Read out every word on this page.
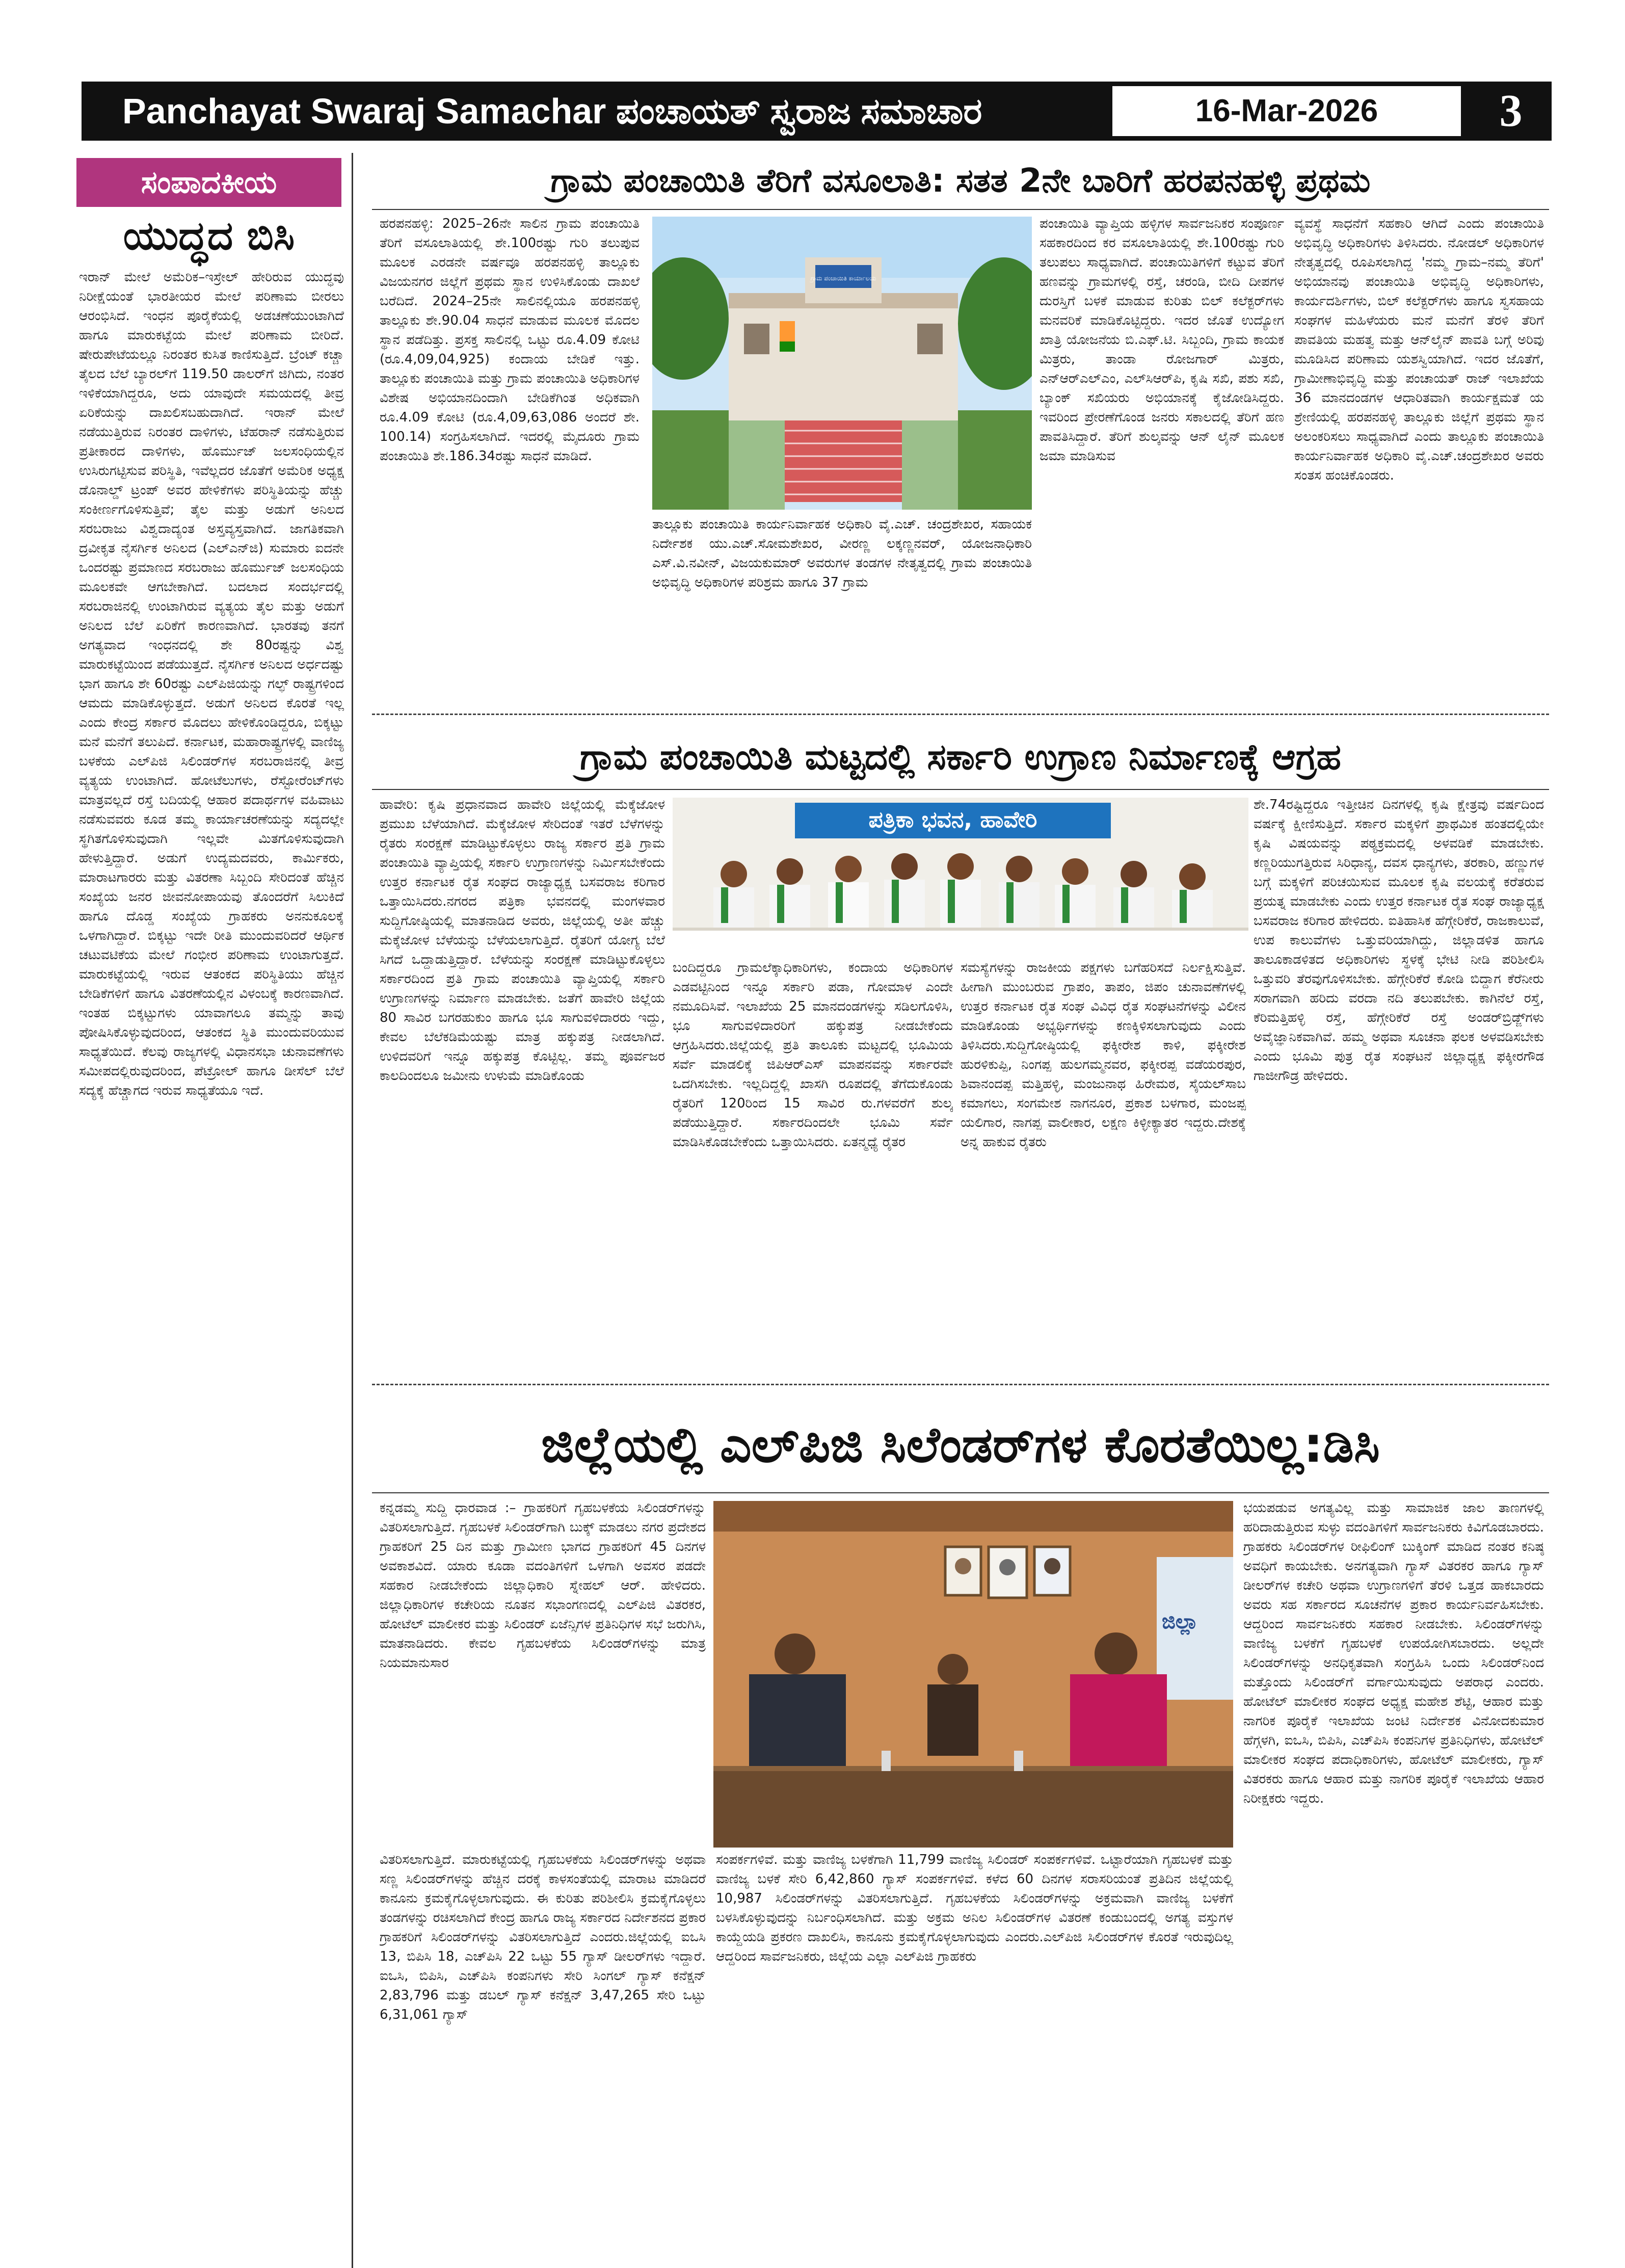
Panchayat Swaraj Samachar ಪಂಚಾಯತ್ ಸ್ವರಾಜ ಸಮಾಚಾರ	16-Mar-2026	3
ಸಂಪಾದಕೀಯ
ಯುದ್ಧದ ಬಿಸಿ
ಇರಾನ್ ಮೇಲೆ ಅಮೆರಿಕ–ಇಸ್ರೇಲ್ ಹೇರಿರುವ ಯುದ್ಧವು ನಿರೀಕ್ಷೆಯಂತೆ ಭಾರತೀಯರ ಮೇಲೆ ಪರಿಣಾಮ ಬೀರಲು ಆರಂಭಿಸಿದೆ. ಇಂಧನ ಪೂರೈಕೆಯಲ್ಲಿ ಅಡಚಣೆಯುಂಟಾಗಿದೆ ಹಾಗೂ ಮಾರುಕಟ್ಟೆಯ ಮೇಲೆ ಪರಿಣಾಮ ಬೀರಿದೆ. ಷೇರುಪೇಟೆಯಲ್ಲೂ ನಿರಂತರ ಕುಸಿತ ಕಾಣಿಸುತ್ತಿದೆ. ಬ್ರೆಂಟ್ ಕಚ್ಚಾ ತೈಲದ ಬೆಲೆ ಬ್ಯಾರಲ್‌ಗೆ 119.50 ಡಾಲರ್‌ಗೆ ಜಿಗಿದು, ನಂತರ ಇಳಿಕೆಯಾಗಿದ್ದರೂ, ಅದು ಯಾವುದೇ ಸಮಯದಲ್ಲಿ ತೀವ್ರ ಏರಿಕೆಯನ್ನು ದಾಖಲಿಸಬಹುದಾಗಿದೆ. ಇರಾನ್ ಮೇಲೆ ನಡೆಯುತ್ತಿರುವ ನಿರಂತರ ದಾಳಿಗಳು, ಟೆಹರಾನ್ ನಡೆಸುತ್ತಿರುವ ಪ್ರತೀಕಾರದ ದಾಳಿಗಳು, ಹೊರ್ಮುಜ್ ಜಲಸಂಧಿಯಲ್ಲಿನ ಉಸಿರುಗಟ್ಟಿಸುವ ಪರಿಸ್ಥಿತಿ, ಇವೆಲ್ಲದರ ಜೊತೆಗೆ ಅಮೆರಿಕ ಅಧ್ಯಕ್ಷ ಡೊನಾಲ್ಡ್ ಟ್ರಂಪ್ ಅವರ ಹೇಳಿಕೆಗಳು ಪರಿಸ್ಥಿತಿಯನ್ನು ಹೆಚ್ಚು ಸಂಕೀರ್ಣಗೊಳಿಸುತ್ತಿವೆ; ತೈಲ ಮತ್ತು ಅಡುಗೆ ಅನಿಲದ ಸರಬರಾಜು ವಿಶ್ವದಾದ್ಯಂತ ಅಸ್ತವ್ಯಸ್ತವಾಗಿದೆ. ಜಾಗತಿಕವಾಗಿ ದ್ರವೀಕೃತ ನೈಸರ್ಗಿಕ ಅನಿಲದ (ಎಲ್‌ಎನ್‌ಜಿ) ಸುಮಾರು ಐದನೇ ಒಂದರಷ್ಟು ಪ್ರಮಾಣದ ಸರಬರಾಜು ಹೊರ್ಮುಜ್ ಜಲಸಂಧಿಯ ಮೂಲಕವೇ ಆಗಬೇಕಾಗಿದೆ. ಬದಲಾದ ಸಂದರ್ಭದಲ್ಲಿ ಸರಬರಾಜಿನಲ್ಲಿ ಉಂಟಾಗಿರುವ ವ್ಯತ್ಯಯ ತೈಲ ಮತ್ತು ಅಡುಗೆ ಅನಿಲದ ಬೆಲೆ ಏರಿಕೆಗೆ ಕಾರಣವಾಗಿದೆ. ಭಾರತವು ತನಗೆ ಅಗತ್ಯವಾದ ಇಂಧನದಲ್ಲಿ ಶೇ 80ರಷ್ಟನ್ನು ವಿಶ್ವ ಮಾರುಕಟ್ಟೆಯಿಂದ ಪಡೆಯುತ್ತದೆ. ನೈಸರ್ಗಿಕ ಅನಿಲದ ಅರ್ಧದಷ್ಟು ಭಾಗ ಹಾಗೂ ಶೇ 60ರಷ್ಟು ಎಲ್‌ಪಿಜಿಯನ್ನು ಗಲ್ಫ್ ರಾಷ್ಟ್ರಗಳಿಂದ ಆಮದು ಮಾಡಿಕೊಳ್ಳುತ್ತದೆ. ಅಡುಗೆ ಅನಿಲದ ಕೊರತೆ ಇಲ್ಲ ಎಂದು ಕೇಂದ್ರ ಸರ್ಕಾರ ಮೊದಲು ಹೇಳಿಕೊಂಡಿದ್ದರೂ, ಬಿಕ್ಕಟ್ಟು ಮನೆ ಮನೆಗೆ ತಲುಪಿದೆ. ಕರ್ನಾಟಕ, ಮಹಾರಾಷ್ಟ್ರಗಳಲ್ಲಿ ವಾಣಿಜ್ಯ ಬಳಕೆಯ ಎಲ್‌ಪಿಜಿ ಸಿಲಿಂಡರ್‌ಗಳ ಸರಬರಾಜಿನಲ್ಲಿ ತೀವ್ರ ವ್ಯತ್ಯಯ ಉಂಟಾಗಿದೆ. ಹೋಟೆಲುಗಳು, ರೆಸ್ಟೋರೆಂಟ್‌ಗಳು ಮಾತ್ರವಲ್ಲದೆ ರಸ್ತೆ ಬದಿಯಲ್ಲಿ ಆಹಾರ ಪದಾರ್ಥಗಳ ವಹಿವಾಟು ನಡೆಸುವವರು ಕೂಡ ತಮ್ಮ ಕಾರ್ಯಾಚರಣೆಯನ್ನು ಸದ್ಯದಲ್ಲೇ ಸ್ಥಗಿತಗೊಳಿಸುವುದಾಗಿ ಇಲ್ಲವೇ ಮಿತಗೊಳಿಸುವುದಾಗಿ ಹೇಳುತ್ತಿದ್ದಾರೆ. ಅಡುಗೆ ಉದ್ಯಮದವರು, ಕಾರ್ಮಿಕರು, ಮಾರಾಟಗಾರರು ಮತ್ತು ವಿತರಣಾ ಸಿಬ್ಬಂದಿ ಸೇರಿದಂತೆ ಹೆಚ್ಚಿನ ಸಂಖ್ಯೆಯ ಜನರ ಜೀವನೋಪಾಯವು ತೊಂದರೆಗೆ ಸಿಲುಕಿದೆ ಹಾಗೂ ದೊಡ್ಡ ಸಂಖ್ಯೆಯ ಗ್ರಾಹಕರು ಅನನುಕೂಲಕ್ಕೆ ಒಳಗಾಗಿದ್ದಾರೆ. ಬಿಕ್ಕಟ್ಟು ಇದೇ ರೀತಿ ಮುಂದುವರಿದರೆ ಆರ್ಥಿಕ ಚಟುವಟಿಕೆಯ ಮೇಲೆ ಗಂಭೀರ ಪರಿಣಾಮ ಉಂಟಾಗುತ್ತದೆ. ಮಾರುಕಟ್ಟೆಯಲ್ಲಿ ಇರುವ ಆತಂಕದ ಪರಿಸ್ಥಿತಿಯು ಹೆಚ್ಚಿನ ಬೇಡಿಕೆಗಳಿಗೆ ಹಾಗೂ ವಿತರಣೆಯಲ್ಲಿನ ವಿಳಂಬಕ್ಕೆ ಕಾರಣವಾಗಿದೆ. ಇಂತಹ ಬಿಕ್ಕಟ್ಟುಗಳು ಯಾವಾಗಲೂ ತಮ್ಮನ್ನು ತಾವು ಪೋಷಿಸಿಕೊಳ್ಳುವುದರಿಂದ, ಆತಂಕದ ಸ್ಥಿತಿ ಮುಂದುವರಿಯುವ ಸಾಧ್ಯತೆಯಿದೆ. ಕೆಲವು ರಾಜ್ಯಗಳಲ್ಲಿ ವಿಧಾನಸಭಾ ಚುನಾವಣೆಗಳು ಸಮೀಪದಲ್ಲಿರುವುದರಿಂದ, ಪೆಟ್ರೋಲ್ ಹಾಗೂ ಡೀಸೆಲ್ ಬೆಲೆ ಸದ್ಯಕ್ಕೆ ಹೆಚ್ಚಾಗದ ಇರುವ ಸಾಧ್ಯತೆಯೂ ಇದೆ.
ಗ್ರಾಮ ಪಂಚಾಯಿತಿ ತೆರಿಗೆ ವಸೂಲಾತಿ: ಸತತ 2ನೇ ಬಾರಿಗೆ ಹರಪನಹಳ್ಳಿ ಪ್ರಥಮ
ಹರಪನಹಳ್ಳಿ: 2025–26ನೇ ಸಾಲಿನ ಗ್ರಾಮ ಪಂಚಾಯಿತಿ ತೆರಿಗೆ ವಸೂಲಾತಿಯಲ್ಲಿ ಶೇ.100ರಷ್ಟು ಗುರಿ ತಲುಪುವ ಮೂಲಕ ಎರಡನೇ ವರ್ಷವೂ ಹರಪನಹಳ್ಳಿ ತಾಲ್ಲೂಕು ವಿಜಯನಗರ ಜಿಲ್ಲೆಗೆ ಪ್ರಥಮ ಸ್ಥಾನ ಉಳಿಸಿಕೊಂಡು ದಾಖಲೆ ಬರೆದಿದೆ. 2024–25ನೇ ಸಾಲಿನಲ್ಲಿಯೂ ಹರಪನಹಳ್ಳಿ ತಾಲ್ಲೂಕು ಶೇ.90.04 ಸಾಧನೆ ಮಾಡುವ ಮೂಲಕ ಮೊದಲ ಸ್ಥಾನ ಪಡೆದಿತ್ತು. ಪ್ರಸಕ್ತ ಸಾಲಿನಲ್ಲಿ ಒಟ್ಟು ರೂ.4.09 ಕೋಟಿ (ರೂ.4,09,04,925) ಕಂದಾಯ ಬೇಡಿಕೆ ಇತ್ತು. ತಾಲ್ಲೂಕು ಪಂಚಾಯಿತಿ ಮತ್ತು ಗ್ರಾಮ ಪಂಚಾಯಿತಿ ಅಧಿಕಾರಿಗಳ ವಿಶೇಷ ಅಭಿಯಾನದಿಂದಾಗಿ ಬೇಡಿಕೆಗಿಂತ ಅಧಿಕವಾಗಿ ರೂ.4.09 ಕೋಟಿ (ರೂ.4,09,63,086 ಅಂದರೆ ಶೇ. 100.14) ಸಂಗ್ರಹಿಸಲಾಗಿದೆ. ಇದರಲ್ಲಿ ಮೈದೂರು ಗ್ರಾಮ ಪಂಚಾಯಿತಿ ಶೇ.186.34ರಷ್ಟು ಸಾಧನೆ ಮಾಡಿದೆ.
ಗ್ರಾಮ ಪಂಚಾಯಿತಿ ಕಾರ್ಯಾಲಯ
ತಾಲ್ಲೂಕು ಪಂಚಾಯಿತಿ ಕಾರ್ಯನಿರ್ವಾಹಕ ಅಧಿಕಾರಿ ವೈ.ಎಚ್. ಚಂದ್ರಶೇಖರ, ಸಹಾಯಕ ನಿರ್ದೇಶಕ ಯು.ಎಚ್.ಸೋಮಶೇಖರ, ವೀರಣ್ಣ ಲಕ್ಕಣ್ಣನವರ್, ಯೋಜನಾಧಿಕಾರಿ ಎಸ್.ವಿ.ನವೀನ್, ವಿಜಯಕುಮಾರ್ ಅವರುಗಳ ತಂಡಗಳ ನೇತೃತ್ವದಲ್ಲಿ ಗ್ರಾಮ ಪಂಚಾಯಿತಿ ಅಭಿವೃದ್ಧಿ ಅಧಿಕಾರಿಗಳ ಪರಿಶ್ರಮ ಹಾಗೂ 37 ಗ್ರಾಮ
ಪಂಚಾಯಿತಿ ವ್ಯಾಪ್ತಿಯ ಹಳ್ಳಿಗಳ ಸಾರ್ವಜನಿಕರ ಸಂಪೂರ್ಣ ಸಹಕಾರದಿಂದ ಕರ ವಸೂಲಾತಿಯಲ್ಲಿ ಶೇ.100ರಷ್ಟು ಗುರಿ ತಲುಪಲು ಸಾಧ್ಯವಾಗಿದೆ. ಪಂಚಾಯಿತಿಗಳಿಗೆ ಕಟ್ಟುವ ತೆರಿಗೆ ಹಣವನ್ನು ಗ್ರಾಮಗಳಲ್ಲಿ ರಸ್ತೆ, ಚರಂಡಿ, ಬೀದಿ ದೀಪಗಳ ದುರಸ್ತಿಗೆ ಬಳಕೆ ಮಾಡುವ ಕುರಿತು ಬಿಲ್ ಕಲೆಕ್ಟರ್‌ಗಳು ಮನವರಿಕೆ ಮಾಡಿಕೊಟ್ಟಿದ್ದರು. ಇದರ ಜೊತೆ ಉದ್ಯೋಗ ಖಾತ್ರಿ ಯೋಜನೆಯ ಬಿ.ಎಫ್.ಟಿ. ಸಿಬ್ಬಂದಿ, ಗ್ರಾಮ ಕಾಯಕ ಮಿತ್ರರು, ತಾಂಡಾ ರೋಜಗಾರ್ ಮಿತ್ರರು, ಎನ್‌ಆರ್‌ಎಲ್‌ಎಂ, ಎಲ್‌ಸಿಆರ್‌ಪಿ, ಕೃಷಿ ಸಖಿ, ಪಶು ಸಖಿ, ಬ್ಯಾಂಕ್ ಸಖಿಯರು ಅಭಿಯಾನಕ್ಕೆ ಕೈಜೋಡಿಸಿದ್ದರು. ಇವರಿಂದ ಪ್ರೇರಣೆಗೊಂಡ ಜನರು ಸಕಾಲದಲ್ಲಿ ತೆರಿಗೆ ಹಣ ಪಾವತಿಸಿದ್ದಾರೆ. ತೆರಿಗೆ ಶುಲ್ಕವನ್ನು ಆನ್ ಲೈನ್ ಮೂಲಕ ಜಮಾ ಮಾಡಿಸುವ
ವ್ಯವಸ್ಥೆ ಸಾಧನೆಗೆ ಸಹಕಾರಿ ಆಗಿದೆ ಎಂದು ಪಂಚಾಯಿತಿ ಅಭಿವೃದ್ಧಿ ಅಧಿಕಾರಿಗಳು ತಿಳಿಸಿದರು. ನೋಡಲ್ ಅಧಿಕಾರಿಗಳ ನೇತೃತ್ವದಲ್ಲಿ ರೂಪಿಸಲಾಗಿದ್ದ 'ನಮ್ಮ ಗ್ರಾಮ–ನಮ್ಮ ತೆರಿಗೆ' ಅಭಿಯಾನವು ಪಂಚಾಯಿತಿ ಅಭಿವೃದ್ಧಿ ಅಧಿಕಾರಿಗಳು, ಕಾರ್ಯದರ್ಶಿಗಳು, ಬಿಲ್ ಕಲೆಕ್ಟರ್‌ಗಳು ಹಾಗೂ ಸ್ವಸಹಾಯ ಸಂಘಗಳ ಮಹಿಳೆಯರು ಮನೆ ಮನೆಗೆ ತೆರಳಿ ತೆರಿಗೆ ಪಾವತಿಯ ಮಹತ್ವ ಮತ್ತು ಆನ್‌ಲೈನ್ ಪಾವತಿ ಬಗ್ಗೆ ಅರಿವು ಮೂಡಿಸಿದ ಪರಿಣಾಮ ಯಶಸ್ವಿಯಾಗಿದೆ. ಇದರ ಜೊತೆಗೆ, ಗ್ರಾಮೀಣಾಭಿವೃದ್ಧಿ ಮತ್ತು ಪಂಚಾಯತ್ ರಾಜ್ ಇಲಾಖೆಯ 36 ಮಾನದಂಡಗಳ ಆಧಾರಿತವಾಗಿ ಕಾರ್ಯಕ್ಷಮತೆ ಯ ಶ್ರೇಣಿಯಲ್ಲಿ ಹರಪನಹಳ್ಳಿ ತಾಲ್ಲೂಕು ಜಿಲ್ಲೆಗೆ ಪ್ರಥಮ ಸ್ಥಾನ ಅಲಂಕರಿಸಲು ಸಾಧ್ಯವಾಗಿದೆ ಎಂದು ತಾಲ್ಲೂಕು ಪಂಚಾಯಿತಿ ಕಾರ್ಯನಿರ್ವಾಹಕ ಅಧಿಕಾರಿ ವೈ.ಎಚ್.ಚಂದ್ರಶೇಖರ ಅವರು ಸಂತಸ ಹಂಚಿಕೊಂಡರು.
ಗ್ರಾಮ ಪಂಚಾಯಿತಿ ಮಟ್ಟದಲ್ಲಿ ಸರ್ಕಾರಿ ಉಗ್ರಾಣ ನಿರ್ಮಾಣಕ್ಕೆ ಆಗ್ರಹ
ಹಾವೇರಿ: ಕೃಷಿ ಪ್ರಧಾನವಾದ ಹಾವೇರಿ ಜಿಲ್ಲೆಯಲ್ಲಿ ಮೆಕ್ಕೆಜೋಳ ಪ್ರಮುಖ ಬೆಳೆಯಾಗಿದೆ. ಮೆಕ್ಕೆಜೋಳ ಸೇರಿದಂತೆ ಇತರೆ ಬೆಳೆಗಳನ್ನು ರೈತರು ಸಂರಕ್ಷಣೆ ಮಾಡಿಟ್ಟುಕೊಳ್ಳಲು ರಾಜ್ಯ ಸರ್ಕಾರ ಪ್ರತಿ ಗ್ರಾಮ ಪಂಚಾಯಿತಿ ವ್ಯಾಪ್ತಿಯಲ್ಲಿ ಸರ್ಕಾರಿ ಉಗ್ರಾಣಗಳನ್ನು ನಿರ್ಮಿಸಬೇಕೆಂದು ಉತ್ತರ ಕರ್ನಾಟಕ ರೈತ ಸಂಘದ ರಾಜ್ಯಾಧ್ಯಕ್ಷ ಬಸವರಾಜ ಕರಿಗಾರ ಒತ್ತಾಯಿಸಿದರು.ನಗರದ ಪತ್ರಿಕಾ ಭವನದಲ್ಲಿ ಮಂಗಳವಾರ ಸುದ್ದಿಗೋಷ್ಠಿಯಲ್ಲಿ ಮಾತನಾಡಿದ ಅವರು, ಜಿಲ್ಲೆಯಲ್ಲಿ ಅತೀ ಹೆಚ್ಚು ಮೆಕ್ಕೆಜೋಳ ಬೆಳೆಯನ್ನು ಬೆಳೆಯಲಾಗುತ್ತಿದೆ. ರೈತರಿಗೆ ಯೋಗ್ಯ ಬೆಲೆ ಸಿಗದೆ ಒದ್ದಾಡುತ್ತಿದ್ದಾರೆ. ಬೆಳೆಯನ್ನು ಸಂರಕ್ಷಣೆ ಮಾಡಿಟ್ಟುಕೊಳ್ಳಲು ಸರ್ಕಾರದಿಂದ ಪ್ರತಿ ಗ್ರಾಮ ಪಂಚಾಯಿತಿ ವ್ಯಾಪ್ತಿಯಲ್ಲಿ ಸರ್ಕಾರಿ ಉಗ್ರಾಣಗಳನ್ನು ನಿರ್ಮಾಣ ಮಾಡಬೇಕು. ಜತೆಗೆ ಹಾವೇರಿ ಜಿಲ್ಲೆಯ 80 ಸಾವಿರ ಬಗರಹುಕುಂ ಹಾಗೂ ಭೂ ಸಾಗುವಳಿದಾರರು ಇದ್ದು, ಕೇವಲ ಬೆಲೆಕಡಿಮೆಯಷ್ಟು ಮಾತ್ರ ಹಕ್ಕುಪತ್ರ ನೀಡಲಾಗಿದೆ. ಉಳಿದವರಿಗೆ ಇನ್ನೂ ಹಕ್ಕುಪತ್ರ ಕೊಟ್ಟಿಲ್ಲ. ತಮ್ಮ ಪೂರ್ವಜರ ಕಾಲದಿಂದಲೂ ಜಮೀನು ಉಳುಮೆ ಮಾಡಿಕೊಂಡು
ಪತ್ರಿಕಾ ಭವನ, ಹಾವೇರಿ
ಬಂದಿದ್ದರೂ ಗ್ರಾಮಲೆಕ್ಕಾಧಿಕಾರಿಗಳು, ಕಂದಾಯ ಅಧಿಕಾರಿಗಳ ಎಡವಟ್ಟಿನಿಂದ ಇನ್ನೂ ಸರ್ಕಾರಿ ಪಡಾ, ಗೋಮಾಳ ಎಂದೇ ನಮೂದಿಸಿವೆ. ಇಲಾಖೆಯ 25 ಮಾನದಂಡಗಳನ್ನು ಸಡಿಲಗೊಳಿಸಿ, ಭೂ ಸಾಗುವಳಿದಾರರಿಗೆ ಹಕ್ಕುಪತ್ರ ನೀಡಬೇಕೆಂದು ಆಗ್ರಹಿಸಿದರು.ಜಿಲ್ಲೆಯಲ್ಲಿ ಪ್ರತಿ ತಾಲೂಕು ಮಟ್ಟದಲ್ಲಿ ಭೂಮಿಯ ಸರ್ವೆ ಮಾಡಲಿಕ್ಕೆ ಜಿಪಿಆರ್‌ಎಸ್ ಮಾಪನವನ್ನು ಸರ್ಕಾರವೇ ಒದಗಿಸಬೇಕು. ಇಲ್ಲದಿದ್ದಲ್ಲಿ ಖಾಸಗಿ ರೂಪದಲ್ಲಿ ತೆಗೆದುಕೊಂಡು ರೈತರಿಗೆ 120ರಿಂದ 15 ಸಾವಿರ ರು.ಗಳವರೆಗೆ ಶುಲ್ಕ ಪಡೆಯುತ್ತಿದ್ದಾರೆ. ಸರ್ಕಾರದಿಂದಲೇ ಭೂಮಿ ಸರ್ವೆ ಮಾಡಿಸಿಕೊಡಬೇಕೆಂದು ಒತ್ತಾಯಿಸಿದರು. ಏತನ್ಮಧ್ಯೆ ರೈತರ
ಸಮಸ್ಯೆಗಳನ್ನು ರಾಜಕೀಯ ಪಕ್ಷಗಳು ಬಗೆಹರಿಸದೆ ನಿರ್ಲಕ್ಷಿಸುತ್ತಿವೆ. ಹೀಗಾಗಿ ಮುಂಬರುವ ಗ್ರಾಪಂ, ತಾಪಂ, ಜಿಪಂ ಚುನಾವಣೆಗಳಲ್ಲಿ ಉತ್ತರ ಕರ್ನಾಟಕ ರೈತ ಸಂಘ ವಿವಿಧ ರೈತ ಸಂಘಟನೆಗಳನ್ನು ವಿಲೀನ ಮಾಡಿಕೊಂಡು ಅಭ್ಯರ್ಥಿಗಳನ್ನು ಕಣಕ್ಕಿಳಿಸಲಾಗುವುದು ಎಂದು ತಿಳಿಸಿದರು.ಸುದ್ದಿಗೋಷ್ಠಿಯಲ್ಲಿ ಫಕ್ಕೀರೇಶ ಕಾಳಿ, ಫಕ್ಕೀರೇಶ ಹುರಳಿಕುಪ್ಪಿ, ನಿಂಗಪ್ಪ ಹುಲಗಮ್ಮನವರ, ಫಕ್ಕೀರಪ್ಪ ವಡೆಯರಪುರ, ಶಿವಾನಂದಪ್ಪ ಮತ್ತಿಹಳ್ಳಿ, ಮಂಜುನಾಥ ಹಿರೇಮಠ, ಸೈಯಲ್‌ಸಾಬ ಕಮಾಗಲು, ಸಂಗಮೇಶ ನಾಗನೂರ, ಪ್ರಕಾಶ ಬಳಗಾರ, ಮಂಜಪ್ಪ ಯಲಿಗಾರ, ನಾಗಪ್ಪ ವಾಲೀಕಾರ, ಲಕ್ಷಣ ಕಿಳ್ಳೀಕ್ಯಾತರ ಇದ್ದರು.ದೇಶಕ್ಕೆ ಅನ್ನ ಹಾಕುವ ರೈತರು
ಶೇ.74ರಷ್ಟಿದ್ದರೂ ಇತ್ತೀಚಿನ ದಿನಗಳಲ್ಲಿ ಕೃಷಿ ಕ್ಷೇತ್ರವು ವರ್ಷದಿಂದ ವರ್ಷಕ್ಕೆ ಕ್ಷೀಣಿಸುತ್ತಿದೆ. ಸರ್ಕಾರ ಮಕ್ಕಳಿಗೆ ಪ್ರಾಥಮಿಕ ಹಂತದಲ್ಲಿಯೇ ಕೃಷಿ ವಿಷಯವನ್ನು ಪಠ್ಯಕ್ರಮದಲ್ಲಿ ಅಳವಡಿಕೆ ಮಾಡಬೇಕು. ಕಣ್ಣರಿಯುಗತ್ತಿರುವ ಸಿರಿಧಾನ್ಯ, ದವಸ ಧಾನ್ಯಗಳು, ತರಕಾರಿ, ಹಣ್ಣುಗಳ ಬಗ್ಗೆ ಮಕ್ಕಳಿಗೆ ಪರಿಚಯಿಸುವ ಮೂಲಕ ಕೃಷಿ ವಲಯಕ್ಕೆ ಕರೆತರುವ ಪ್ರಯತ್ನ ಮಾಡಬೇಕು ಎಂದು ಉತ್ತರ ಕರ್ನಾಟಕ ರೈತ ಸಂಘ ರಾಜ್ಯಾಧ್ಯಕ್ಷ ಬಸವರಾಜ ಕರಿಗಾರ ಹೇಳಿದರು. ಐತಿಹಾಸಿಕ ಹೆಗ್ಗೇರಿಕೆರೆ, ರಾಜಕಾಲುವೆ, ಉಪ ಕಾಲುವೆಗಳು ಒತ್ತುವರಿಯಾಗಿದ್ದು, ಜಿಲ್ಲಾಡಳಿತ ಹಾಗೂ ತಾಲೂಕಾಡಳಿತದ ಅಧಿಕಾರಿಗಳು ಸ್ಥಳಕ್ಕೆ ಭೇಟಿ ನೀಡಿ ಪರಿಶೀಲಿಸಿ ಒತ್ತುವರಿ ತೆರವುಗೊಳಿಸಬೇಕು. ಹೆಗ್ಗೇರಿಕೆರೆ ಕೋಡಿ ಬಿದ್ದಾಗ ಕೆರೆನೀರು ಸರಾಗವಾಗಿ ಹರಿದು ವರದಾ ನದಿ ತಲುಪಬೇಕು. ಕಾಗಿನೆಲೆ ರಸ್ತೆ, ಕೆರಿಮತ್ತಿಹಳ್ಳಿ ರಸ್ತೆ, ಹೆಗ್ಗೇರಿಕೆರೆ ರಸ್ತೆ ಅಂಡರ್‌ಬ್ರಿಡ್ಜ್‌ಗಳು ಅವೈಜ್ಞಾನಿಕವಾಗಿವೆ. ಹಮ್ಮ ಅಥವಾ ಸೂಚನಾ ಫಲಕ ಅಳವಡಿಸಬೇಕು ಎಂದು ಭೂಮಿ ಪುತ್ರ ರೈತ ಸಂಘಟನೆ ಜಿಲ್ಲಾಧ್ಯಕ್ಷ ಫಕ್ಕೀರಗೌಡ ಗಾಜೀಗೌಡ್ರ ಹೇಳಿದರು.
ಜಿಲ್ಲೆಯಲ್ಲಿ ಎಲ್‌ಪಿಜಿ ಸಿಲೆಂಡರ್‌ಗಳ ಕೊರತೆಯಿಲ್ಲ:ಡಿಸಿ
ಕನ್ನಡಮ್ಮ ಸುದ್ದಿ ಧಾರವಾಡ :– ಗ್ರಾಹಕರಿಗೆ ಗೃಹಬಳಕೆಯ ಸಿಲಿಂಡರ್‌ಗಳನ್ನು ವಿತರಿಸಲಾಗುತ್ತಿದೆ. ಗೃಹಬಳಕೆ ಸಿಲಿಂಡರ್‌ಗಾಗಿ ಬುಕ್ಕ್ ಮಾಡಲು ನಗರ ಪ್ರದೇಶದ ಗ್ರಾಹಕರಿಗೆ 25 ದಿನ ಮತ್ತು ಗ್ರಾಮೀಣ ಭಾಗದ ಗ್ರಾಹಕರಿಗೆ 45 ದಿನಗಳ ಅವಕಾಶವಿದೆ. ಯಾರು ಕೂಡಾ ವದಂತಿಗಳಿಗೆ ಒಳಗಾಗಿ ಅವಸರ ಪಡದೇ ಸಹಕಾರ ನೀಡಬೇಕೆಂದು ಜಿಲ್ಲಾಧಿಕಾರಿ ಸ್ನೇಹಲ್ ಆರ್. ಹೇಳಿದರು. ಜಿಲ್ಲಾಧಿಕಾರಿಗಳ ಕಚೇರಿಯ ನೂತನ ಸಭಾಂಗಣದಲ್ಲಿ ಎಲ್‌ಪಿಜಿ ವಿತರಕರ, ಹೋಟೆಲ್ ಮಾಲೀಕರ ಮತ್ತು ಸಿಲಿಂಡರ್ ಏಜೆನ್ಸಿಗಳ ಪ್ರತಿನಿಧಿಗಳ ಸಭೆ ಜರುಗಿಸಿ, ಮಾತನಾಡಿದರು. ಕೇವಲ ಗೃಹಬಳಕೆಯ ಸಿಲಿಂಡರ್‌ಗಳನ್ನು ಮಾತ್ರ ನಿಯಮಾನುಸಾರ
ಜಿಲ್ಲಾ
ವಿತರಿಸಲಾಗುತ್ತಿದೆ. ಮಾರುಕಟ್ಟೆಯಲ್ಲಿ ಗೃಹಬಳಕೆಯ ಸಿಲಿಂಡರ್‌ಗಳನ್ನು ಅಥವಾ ಸಣ್ಣ ಸಿಲಿಂಡರ್‌ಗಳನ್ನು ಹೆಚ್ಚಿನ ದರಕ್ಕೆ ಕಾಳಸಂತೆಯಲ್ಲಿ ಮಾರಾಟ ಮಾಡಿದರೆ ಕಾನೂನು ಕ್ರಮಕೈಗೊಳ್ಳಲಾಗುವುದು. ಈ ಕುರಿತು ಪರಿಶೀಲಿಸಿ ಕ್ರಮಕೈಗೊಳ್ಳಲು ತಂಡಗಳನ್ನು ರಚಿಸಲಾಗಿದೆ ಕೇಂದ್ರ ಹಾಗೂ ರಾಜ್ಯ ಸರ್ಕಾರದ ನಿರ್ದೇಶನದ ಪ್ರಕಾರ ಗ್ರಾಹಕರಿಗೆ ಸಿಲಿಂಡರ್‌ಗಳನ್ನು ವಿತರಿಸಲಾಗುತ್ತಿದೆ ಎಂದರು.ಜಿಲ್ಲೆಯಲ್ಲಿ ಐಒಸಿ 13, ಬಿಪಿಸಿ 18, ಎಚ್‌ಪಿಸಿ 22 ಒಟ್ಟು 55 ಗ್ಯಾಸ್ ಡೀಲರ್‌ಗಳು ಇದ್ದಾರೆ. ಐಒಸಿ, ಬಿಪಿಸಿ, ಎಚ್‌ಪಿಸಿ ಕಂಪನಿಗಳು ಸೇರಿ ಸಿಂಗಲ್ ಗ್ಯಾಸ್ ಕನೆಕ್ಷನ್ 2,83,796 ಮತ್ತು ಡಬಲ್ ಗ್ಯಾಸ್ ಕನೆಕ್ಷನ್ 3,47,265 ಸೇರಿ ಒಟ್ಟು 6,31,061 ಗ್ಯಾಸ್
ಸಂಪರ್ಕಗಳಿವೆ. ಮತ್ತು ವಾಣಿಜ್ಯ ಬಳಕೆಗಾಗಿ 11,799 ವಾಣಿಜ್ಯ ಸಿಲಿಂಡರ್ ಸಂಪರ್ಕಗಳಿವೆ. ಒಟ್ಟಾರೆಯಾಗಿ ಗೃಹಬಳಕೆ ಮತ್ತು ವಾಣಿಜ್ಯ ಬಳಕೆ ಸೇರಿ 6,42,860 ಗ್ಯಾಸ್ ಸಂಪರ್ಕಗಳಿವೆ. ಕಳೆದ 60 ದಿನಗಳ ಸರಾಸರಿಯಂತೆ ಪ್ರತಿದಿನ ಜಿಲ್ಲೆಯಲ್ಲಿ 10,987 ಸಿಲಿಂಡರ್‌ಗಳನ್ನು ವಿತರಿಸಲಾಗುತ್ತಿದೆ. ಗೃಹಬಳಕೆಯ ಸಿಲಿಂಡರ್‌ಗಳನ್ನು ಅಕ್ರಮವಾಗಿ ವಾಣಿಜ್ಯ ಬಳಕೆಗೆ ಬಳಸಿಕೊಳ್ಳುವುದನ್ನು ನಿರ್ಬಂಧಿಸಲಾಗಿದೆ. ಮತ್ತು ಅಕ್ರಮ ಅನಿಲ ಸಿಲಿಂಡರ್‌ಗಳ ವಿತರಣೆ ಕಂಡುಬಂದಲ್ಲಿ ಅಗತ್ಯ ವಸ್ತುಗಳ ಕಾಯ್ದೆಯಡಿ ಪ್ರಕರಣ ದಾಖಲಿಸಿ, ಕಾನೂನು ಕ್ರಮಕೈಗೊಳ್ಳಲಾಗುವುದು ಎಂದರು.ಎಲ್‌ಪಿಜಿ ಸಿಲಿಂಡರ್‌ಗಳ ಕೊರತೆ ಇರುವುದಿಲ್ಲ ಆದ್ದರಿಂದ ಸಾರ್ವಜನಿಕರು, ಜಿಲ್ಲೆಯ ಎಲ್ಲಾ ಎಲ್‌ಪಿಜಿ ಗ್ರಾಹಕರು
ಭಯಪಡುವ ಅಗತ್ಯವಿಲ್ಲ ಮತ್ತು ಸಾಮಾಜಿಕ ಜಾಲ ತಾಣಗಳಲ್ಲಿ ಹರಿದಾಡುತ್ತಿರುವ ಸುಳ್ಳು ವದಂತಿಗಳಿಗೆ ಸಾರ್ವಜನಿಕರು ಕಿವಿಗೊಡಬಾರದು. ಗ್ರಾಹಕರು ಸಿಲಿಂಡರ್‌ಗಳ ರೀಫಿಲಿಂಗ್ ಬುಕ್ಕಿಂಗ್ ಮಾಡಿದ ನಂತರ ಕನಿಷ್ಠ ಅವಧಿಗೆ ಕಾಯಬೇಕು. ಅನಗತ್ಯವಾಗಿ ಗ್ಯಾಸ್ ವಿತರಕರ ಹಾಗೂ ಗ್ಯಾಸ್ ಡೀಲರ್‌ಗಳ ಕಚೇರಿ ಅಥವಾ ಉಗ್ರಾಣಗಳಿಗೆ ತೆರಳಿ ಒತ್ತಡ ಹಾಕಬಾರದು ಅವರು ಸಹ ಸರ್ಕಾರದ ಸೂಚನೆಗಳ ಪ್ರಕಾರ ಕಾರ್ಯನಿರ್ವಹಿಸಬೇಕು. ಆದ್ದರಿಂದ ಸಾರ್ವಜನಿಕರು ಸಹಕಾರ ನೀಡಬೇಕು. ಸಿಲಿಂಡರ್‌ಗಳನ್ನು ವಾಣಿಜ್ಯ ಬಳಕೆಗೆ ಗೃಹಬಳಕೆ ಉಪಯೋಗಿಸಬಾರದು. ಅಲ್ಲದೇ ಸಿಲಿಂಡರ್‌ಗಳನ್ನು ಅನಧಿಕೃತವಾಗಿ ಸಂಗ್ರಹಿಸಿ ಒಂದು ಸಿಲಿಂಡರ್‌ನಿಂದ ಮತ್ತೊಂದು ಸಿಲಿಂಡರ್‌ಗೆ ವರ್ಗಾಯಿಸುವುದು ಅಪರಾಧ ಎಂದರು. ಹೋಟೆಲ್ ಮಾಲೀಕರ ಸಂಘದ ಅಧ್ಯಕ್ಷ ಮಹೇಶ ಶೆಟ್ಟಿ, ಆಹಾರ ಮತ್ತು ನಾಗರಿಕ ಪೂರೈಕೆ ಇಲಾಖೆಯ ಜಂಟಿ ನಿರ್ದೇಶಕ ವಿನೋದಕುಮಾರ ಹೆಗ್ಗಳಗಿ, ಐಒಸಿ, ಬಿಪಿಸಿ, ಎಚ್‌ಪಿಸಿ ಕಂಪನಿಗಳ ಪ್ರತಿನಿಧಿಗಳು, ಹೋಟೆಲ್ ಮಾಲೀಕರ ಸಂಘದ ಪದಾಧಿಕಾರಿಗಳು, ಹೋಟೆಲ್ ಮಾಲೀಕರು, ಗ್ಯಾಸ್ ವಿತರಕರು ಹಾಗೂ ಆಹಾರ ಮತ್ತು ನಾಗರಿಕ ಪೂರೈಕೆ ಇಲಾಖೆಯ ಆಹಾರ ನಿರೀಕ್ಷಕರು ಇದ್ದರು.
